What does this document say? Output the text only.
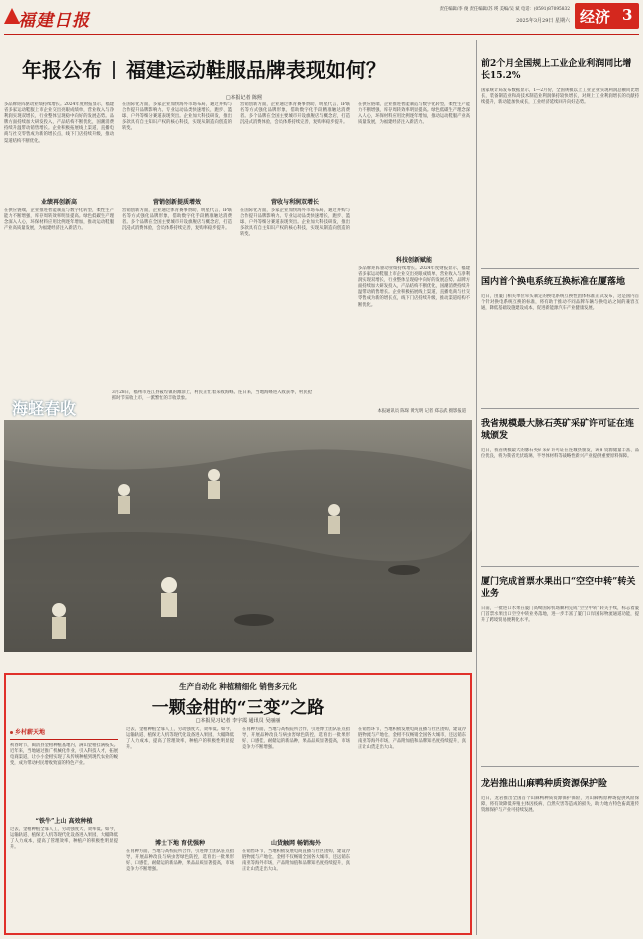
福建日报
责任编辑/李 俊 责任编辑/苏 瑛 美编/吴 斌 电话：(0591)87095832
2025年3月29日 星期六 经济 3
年报公布 福建运动鞋服品牌表现如何？
□本报记者 陈熙
多品牌矩阵驱动业绩持续增长。2024年度财报显示，福建省多家运动鞋服上市企业交出亮眼成绩单，营业收入与净利润实现双增长，行业整体呈现稳中向好的发展态势。品牌方面持续加大研发投入，产品结构不断优化，国潮消费持续升温带动销售增长。企业积极拓展线上渠道，直播电商与社交零售成为新的增长点，线下门店持续升级，推动渠道结构不断优化。
业绩再创新高
在供应链端，企业推进智能制造与数字化转型，柔性生产能力不断增强，库存周转效率明显提高。绿色低碳生产理念深入人心，环保材料应用比例逐年增加，推动运动鞋服产业高质量发展，为福建经济注入新活力。
在国际化方面，多家企业加快海外市场布局，通过并购与合作提升品牌影响力。专业运动品类快速增长，跑步、篮球、户外等细分赛道表现突出。企业加大科技研发，推出多款具有自主知识产权的核心科技，实现从制造向创造的转变。
营销创新提质增效
营销创新方面，企业通过体育赛事赞助、明星代言、IP联名等方式强化品牌形象，借助数字化手段精准触达消费者。多个品牌在全国主要城市开设旗舰店与概念店，打造沉浸式消费体验，会员体系持续完善，复购率稳步提升。
营销创新方面，企业通过体育赛事赞助、明星代言、IP联名等方式强化品牌形象，借助数字化手段精准触达消费者。多个品牌在全国主要城市开设旗舰店与概念店，打造沉浸式消费体验，会员体系持续完善，复购率稳步提升。
营收与利润双增长
在国际化方面，多家企业加快海外市场布局，通过并购与合作提升品牌影响力。专业运动品类快速增长，跑步、篮球、户外等细分赛道表现突出。企业加大科技研发，推出多款具有自主知识产权的核心科技，实现从制造向创造的转变。
在供应链端，企业推进智能制造与数字化转型，柔性生产能力不断增强，库存周转效率明显提高。绿色低碳生产理念深入人心，环保材料应用比例逐年增加，推动运动鞋服产业高质量发展，为福建经济注入新活力。
科技创新赋能
多品牌矩阵驱动业绩持续增长。2024年度财报显示，福建省多家运动鞋服上市企业交出亮眼成绩单，营业收入与净利润实现双增长，行业整体呈现稳中向好的发展态势。品牌方面持续加大研发投入，产品结构不断优化，国潮消费持续升温带动销售增长。企业积极拓展线上渠道，直播电商与社交零售成为新的增长点，线下门店持续升级，推动渠道结构不断优化。
海蛏春收
3月28日，福州市连江县筱埕镇的滩涂上，村民正忙着采收海蛏。连日来，当地海蛏进入收获季，村民抢抓时节采收上市，一派繁忙的丰收景象。
本报通讯员 陈琛 黄光明 记者 郑志武 摄影报道
生产自动化 种植精细化 销售多元化
一颗金柑的“三变”之路
□本报见习记者 李宇霞 通讯员 吴丽丽
乡村薪天地
初春时节，闽清县金柑种植基地内，满山金柑挂满枝头。近年来，当地通过推广机械化作业，引入科技人才，拓展电商渠道，让小小金柑实现了从传统种植到现代农业的蜕变，成为带动村民增收致富的特色产业。
“铁牛”上山 高效种植
过去，金柑种植全靠人工，劳动强度大、效率低。如今，运输轨道、植保无人机等现代化设备进入果园，大幅降低了人力成本，提高了管理效率，种植户的积极性明显提升。
过去，金柑种植全靠人工，劳动强度大、效率低。如今，运输轨道、植保无人机等现代化设备进入果园，大幅降低了人力成本，提高了管理效率，种植户的积极性明显提升。
博士下地 育优强种
在育种方面，当地与高校院所合作，引进博士团队驻点指导，开展品种改良与病虫害绿色防控，选育出一批果形好、口感佳、耐储运的新品种，果品品质显著提高，市场竞争力不断增强。
在育种方面，当地与高校院所合作，引进博士团队驻点指导，开展品种改良与病虫害绿色防控，选育出一批果形好、口感佳、耐储运的新品种，果品品质显著提高，市场竞争力不断增强。
山货触网 畅销海外
在销售环节，当地积极发展电商直播与社区团购，建设冷链物流与产地仓，金柑不仅畅销全国各大城市，还远销东南亚等海外市场，产品附加值和品牌知名度持续提升，真正让山货走出大山。
在销售环节，当地积极发展电商直播与社区团购，建设冷链物流与产地仓，金柑不仅畅销全国各大城市，还远销东南亚等海外市场，产品附加值和品牌知名度持续提升，真正让山货走出大山。
前2个月全国规上工业企业利润同比增长15.2%
国家统计局发布数据显示，1—2月份，全国规模以上工业企业实现利润总额同比增长，装备制造业和高技术制造业利润保持较快增长，对规上工业利润增长的贡献持续提升，新动能加快成长，工业经济延续回升向好态势。
国内首个换电系统互换标准在厦落地
近日，由厦门相关单位牵头制定的换电系统互换性团体标准正式发布，这是国内首个针对换电系统互换的标准，将有助于推动不同品牌车辆与换电站之间的兼容互通，降低基础设施建设成本，促进新能源汽车产业健康发展。
我省规模最大脉石英矿采矿许可证在连城颁发
近日，我省规模最大的脉石英矿采矿许可证在连城县颁发，该矿资源储量丰富、品位优良，将为我省光伏玻璃、半导体材料等战略性新兴产业提供重要原料保障。
厦门完成首票水果出口“空空中转”转关业务
日前，一批进口水果在厦门高崎国际机场顺利完成“空空中转”转关手续，标志着厦门首票水果出口空空中转业务落地，进一步丰富了厦门口岸国际物流通道功能，提升了跨境贸易便利化水平。
龙岩推出山麻鸭种质资源保护险
近日，龙岩推出全国首个山麻鸭种质资源保护保险，为山麻鸭原种场提供风险保障，将有效降低养殖主体因疫病、自然灾害等造成的损失，助力地方特色畜禽遗传资源保护与产业可持续发展。
